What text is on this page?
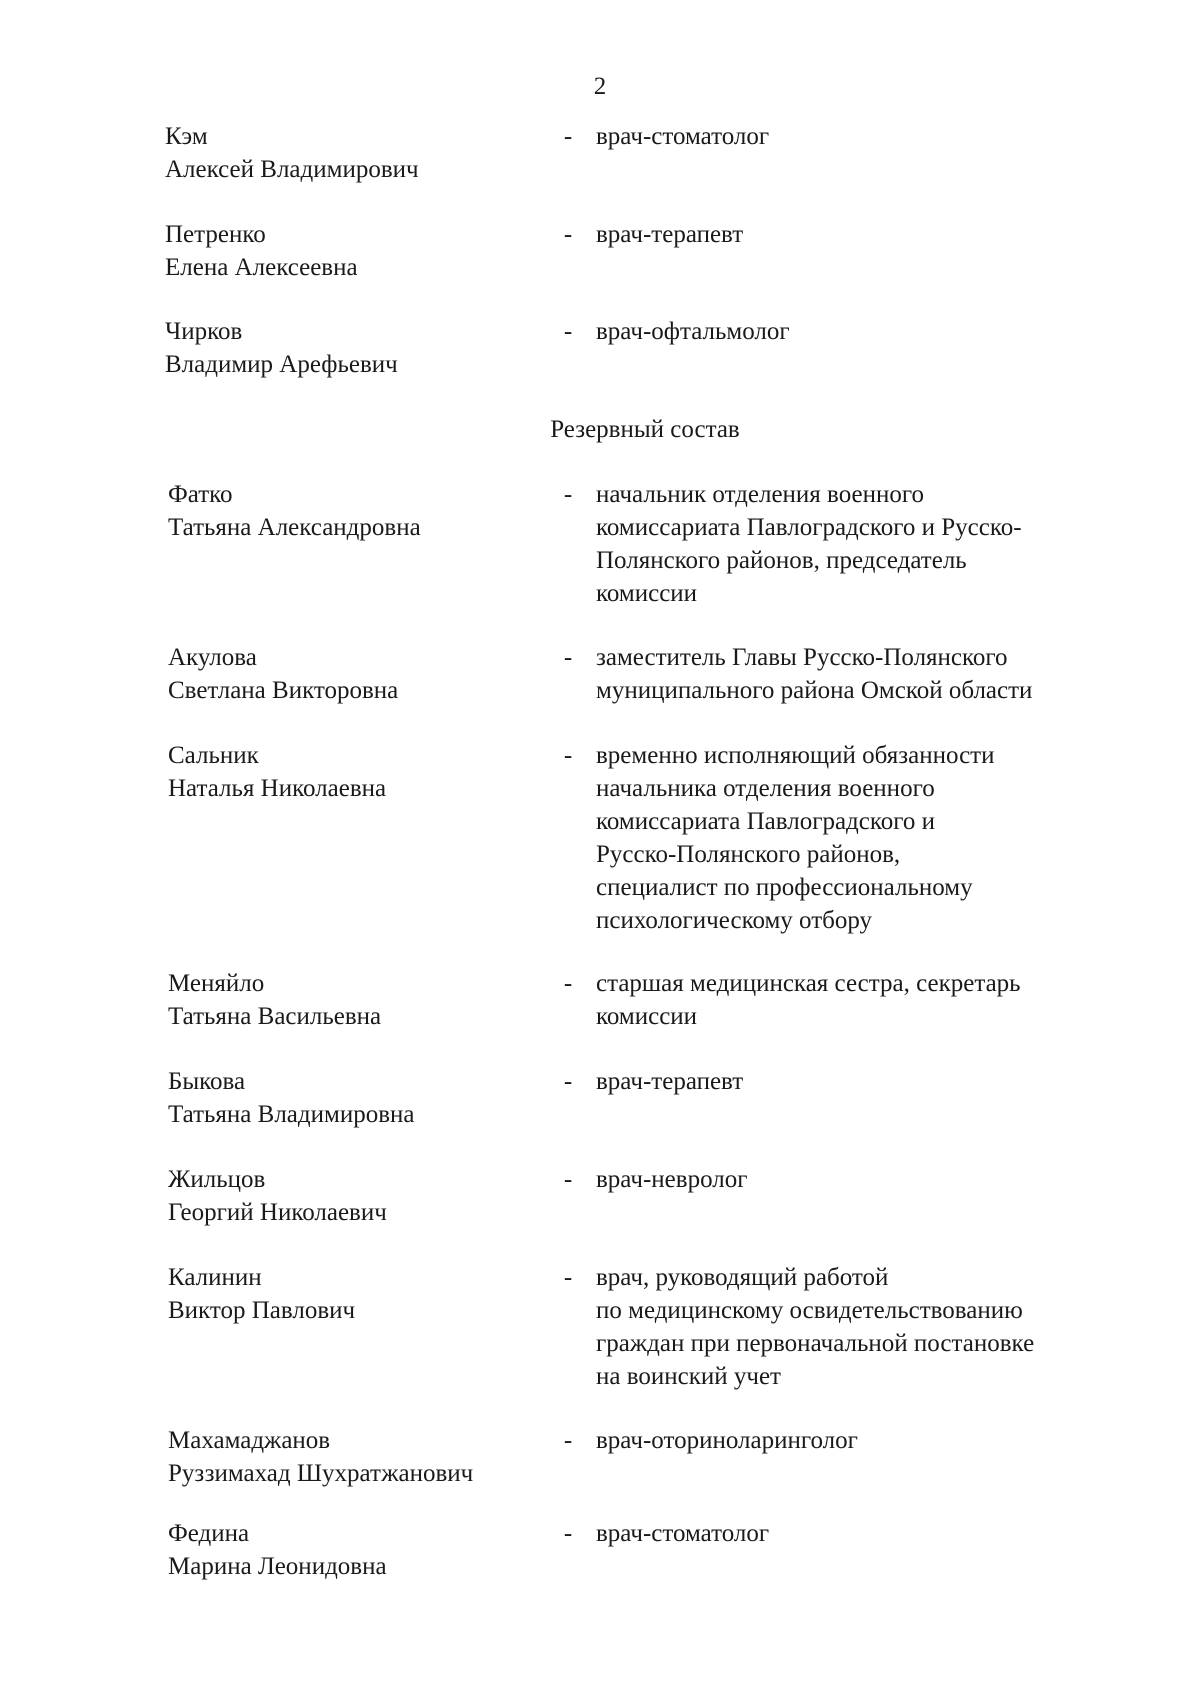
2
Кэм
Алексей Владимирович
- врач-стоматолог
Петренко
Елена Алексеевна
- врач-терапевт
Чирков
Владимир Арефьевич
- врач-офтальмолог
Резервный состав
Фатко
Татьяна Александровна
- начальник отделения военного
комиссариата Павлоградского и Русско-
Полянского районов, председатель
комиссии
Акулова
Светлана Викторовна
- заместитель Главы Русско-Полянского
муниципального района Омской области
Сальник
Наталья Николаевна
- временно исполняющий обязанности
начальника отделения военного
комиссариата Павлоградского и
Русско-Полянского районов,
специалист по профессиональному
психологическому отбору
Меняйло
Татьяна Васильевна
- старшая медицинская сестра, секретарь
комиссии
Быкова
Татьяна Владимировна
- врач-терапевт
Жильцов
Георгий Николаевич
- врач-невролог
Калинин
Виктор Павлович
- врач, руководящий работой
по медицинскому освидетельствованию
граждан при первоначальной постановке
на воинский учет
Махамаджанов
Руззимахад Шухратжанович
- врач-оториноларинголог
Федина
Марина Леонидовна
- врач-стоматолог
